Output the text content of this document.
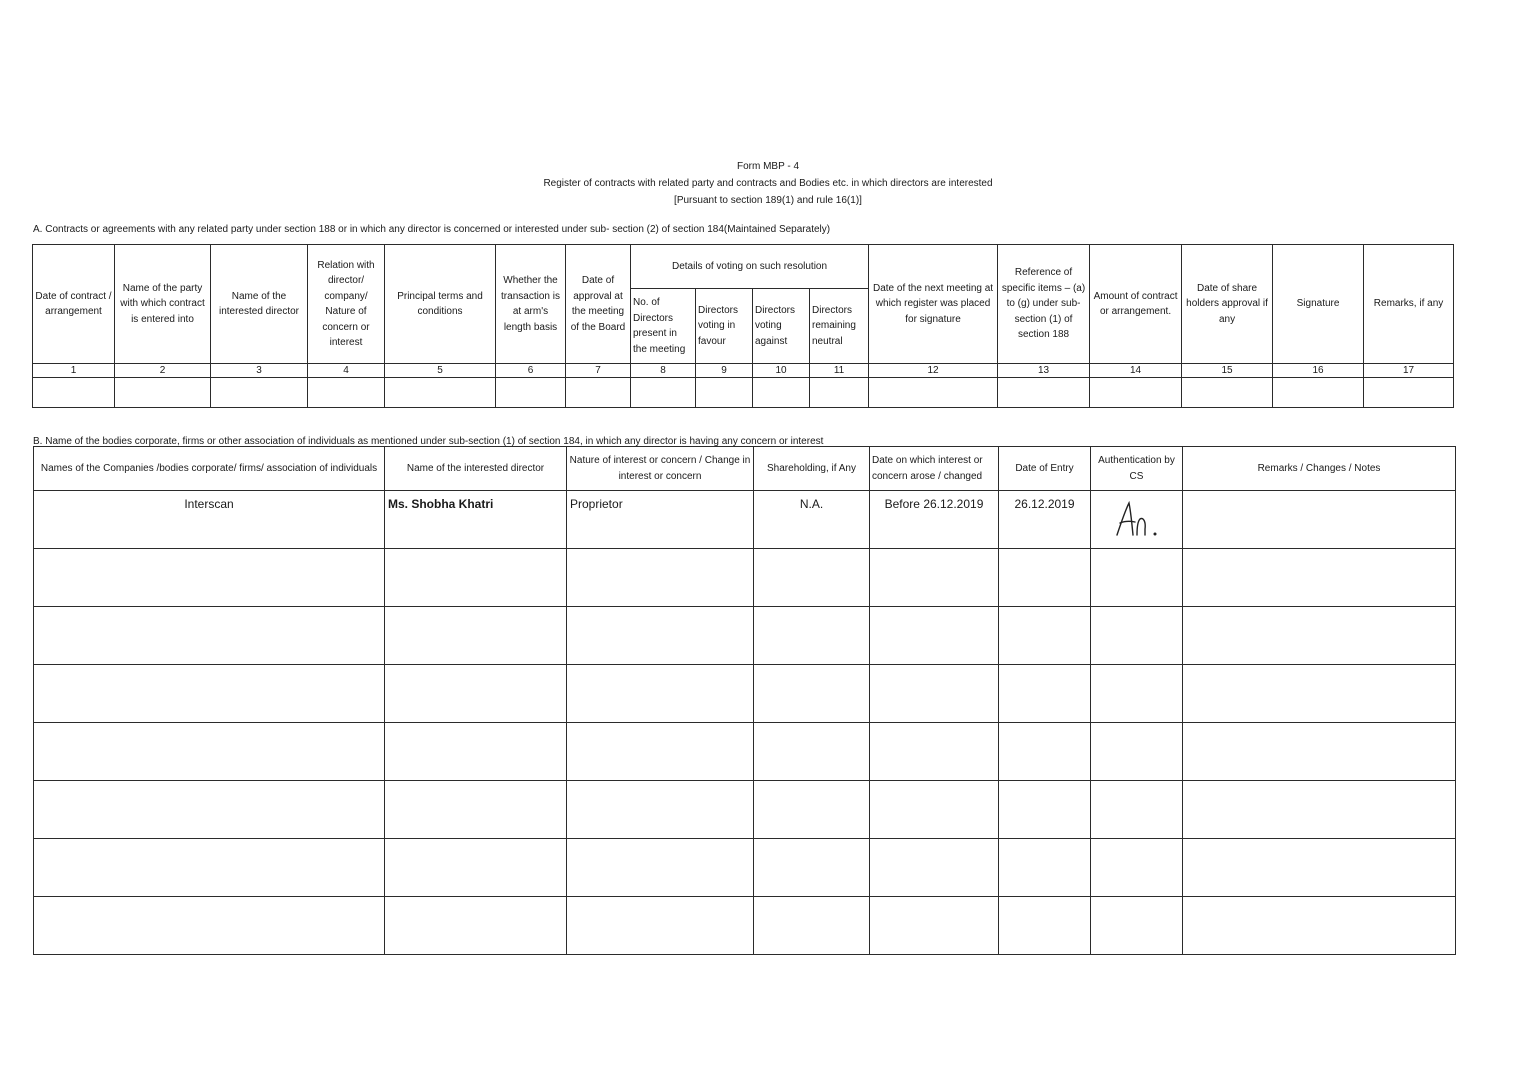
Form MBP - 4
Register of contracts with related party and contracts and Bodies etc. in which directors are interested
[Pursuant to section 189(1) and rule 16(1)]
A. Contracts or agreements with any related party under section 188 or in which any director is concerned or interested under sub- section (2) of section 184(Maintained Separately)
Date of contract / arrangement	Name of the party with which contract is entered into	Name of the interested director	Relation with director/ company/ Nature of concern or interest	Principal terms and conditions	Whether the transaction is at arm's length basis	Date of approval at the meeting of the Board	Details of voting on such resolution				Date of the next meeting at which register was placed for signature	Reference of specific items – (a) to (g) under sub-section (1) of section 188	Amount of contract or arrangement.	Date of share holders approval if any	Signature	Remarks, if any
							No. of Directors present in the meeting	Directors voting in favour	Directors voting against	Directors remaining neutral						
1	2	3	4	5	6	7	8	9	10	11	12	13	14	15	16	17

B. Name of the bodies corporate, firms or other association of individuals as mentioned under sub-section (1) of section 184, in which any director is having any concern or interest
Names of the Companies /bodies corporate/ firms/ association of individuals	Name of the interested director	Nature of interest or concern / Change in interest or concern	Shareholding, if Any	Date on which interest or concern arose / changed	Date of Entry	Authentication by CS	Remarks / Changes / Notes
Interscan	Ms. Shobha Khatri	Proprietor	N.A.	Before 26.12.2019	26.12.2019	
